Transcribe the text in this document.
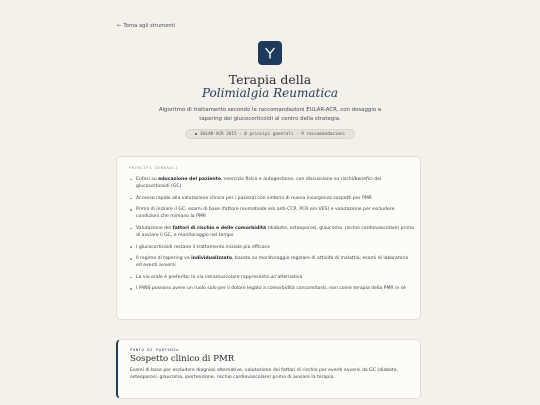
← Torna agli strumenti
Terapia della
Polimialgia Reumatica
Algoritmo di trattamento secondo le raccomandazioni EULAR-ACR, con dosaggio e tapering dei glucocorticoidi al centro della strategia.
EULAR-ACR 2015 · 8 principi generali · 9 raccomandazioni
PRINCIPI GENERALI
Enfasi su educazione del paziente, esercizio fisico e autogestione, con discussione su rischi/benefici dei glucocorticoidi (GC)
Accesso rapido alla valutazione clinica per i pazienti con sintomi di nuova insorgenza sospetti per PMR
Prima di iniziare il GC: esami di base (fattore reumatoide e/o anti-CCP, PCR e/o VES) e valutazione per escludere condizioni che mimano la PMR
Valutazione dei fattori di rischio e delle comorbidità (diabete, osteoporosi, glaucoma, rischio cardiovascolare) prima di avviare il GC, e monitoraggio nel tempo
I glucocorticoidi restano il trattamento iniziale più efficace
Il regime di tapering va individualizzato, basato su monitoraggio regolare di attività di malattia, esami di laboratorio ed eventi avversi
La via orale è preferita; la via intramuscolare rappresenta un'alternativa
I FANS possono avere un ruolo solo per il dolore legato a comorbidità concomitanti, non come terapia della PMR in sé
PUNTO DI PARTENZA
Sospetto clinico di PMR
Esami di base per escludere diagnosi alternative, valutazione dei fattori di rischio per eventi avversi da GC (diabete, osteoporosi, glaucoma, ipertensione, rischio cardiovascolare) prima di avviare la terapia.
